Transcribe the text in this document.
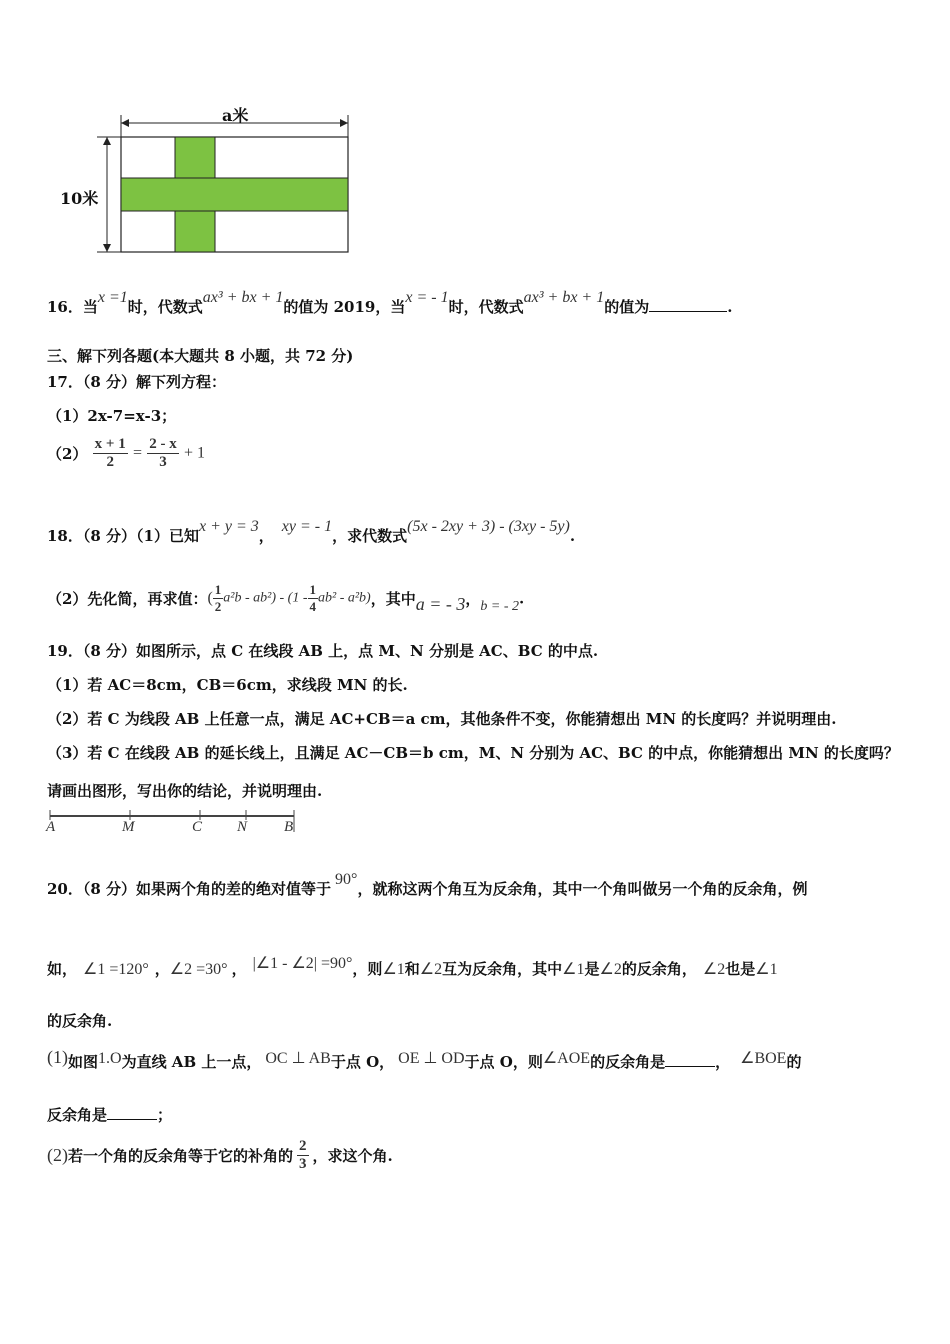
a米
10米
16．当x =1时，代数式ax³ + bx + 1的值为 2019，当x = - 1时，代数式ax³ + bx + 1的值为	.
三、解下列各题(本大题共 8 小题，共 72 分)
17．（8 分）解下列方程：
（1）2x-7=x-3；
$(2) \frac{x + 1}{2} = \frac{2 - x}{3} + 1$
18．（8 分）（1）已知x + y = 3，xy = - 1，求代数式(5x - 2xy + 3) - (3xy - 5y).
（2）先化简，再求值：( $\frac{1}{2} a^2b - ab^2) - (1 - \frac{1}{4} ab^2 - a^2b)$，其中a = - 3，b = - 2.
19．（8 分）如图所示，点 C 在线段 AB 上，点 M、N 分别是 AC、BC 的中点.
（1）若 AC＝8cm，CB＝6cm，求线段 MN 的长.
（2）若 C 为线段 AB 上任意一点，满足 AC+CB＝a cm，其他条件不变，你能猜想出 MN 的长度吗？并说明理由.
（3）若 C 在线段 AB 的延长线上，且满足 AC－CB＝b cm，M、N 分别为 AC、BC 的中点，你能猜想出 MN 的长度吗？
请画出图形，写出你的结论，并说明理由.
A	M	C N B
20．（8 分）如果两个角的差的绝对值等于90°，就称这两个角互为反余角，其中一个角叫做另一个角的反余角，例
如， ∠1 =120° ，∠2 =30° ， |∠1 - ∠2| =90°，则∠1和∠2互为反余角，其中∠1是∠2的反余角， ∠2也是∠1
的反余角.
(1)如图1.O为直线 AB 上一点， OC ⊥ AB于点 O， OE ⊥ OD于点 O，则∠AOE的反余角是	， ∠BOE的
反余角是	；
(2)若一个角的反余角等于它的补角的 $\frac{2}{3}$ ，求这个角.
